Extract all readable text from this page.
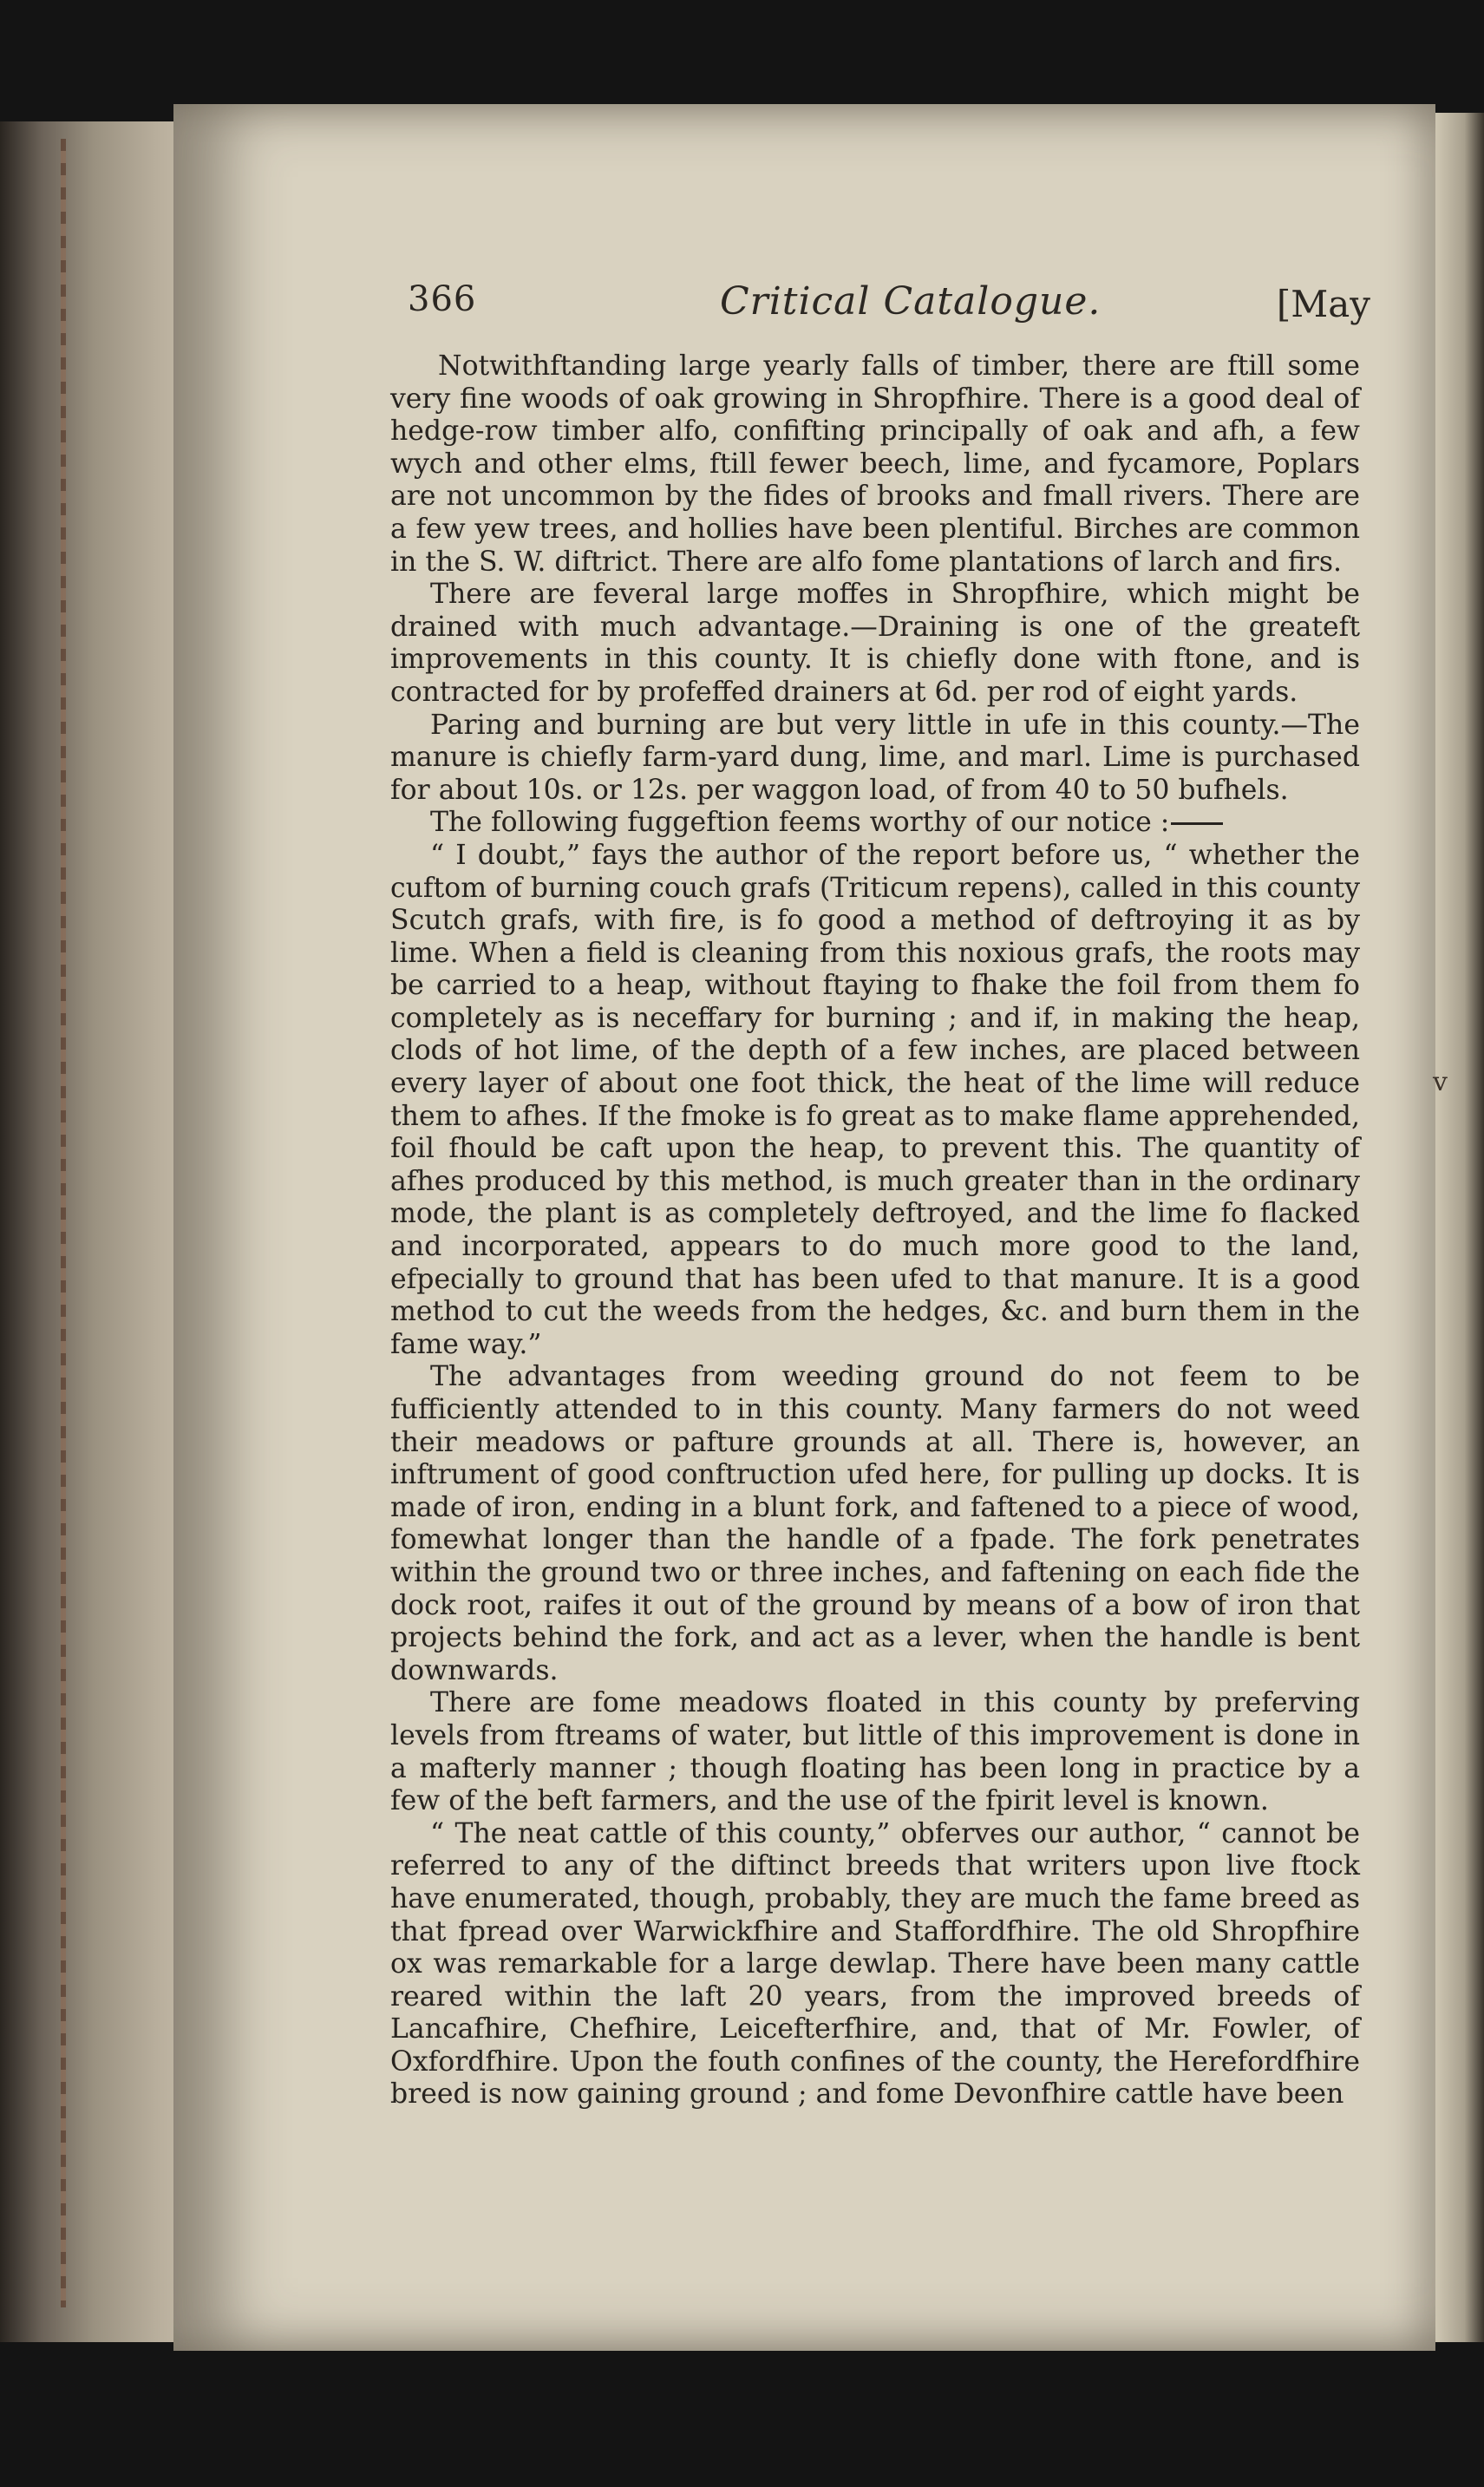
366	Critical Catalogue.	[May

Notwithftanding large yearly falls of timber, there are ftill some very fine woods of oak growing in Shropfhire. There is a good deal of hedge-row timber alfo, confifting principally of oak and afh, a few wych and other elms, ftill fewer beech, lime, and fycamore, Poplars are not uncommon by the fides of brooks and fmall rivers. There are a few yew trees, and hollies have been plentiful. Birches are common in the S. W. diftrict. There are alfo fome plantations of larch and firs.

There are feveral large moffes in Shropfhire, which might be drained with much advantage.—Draining is one of the greateft improvements in this county. It is chiefly done with ftone, and is contracted for by profeffed drainers at 6d. per rod of eight yards.

Paring and burning are but very little in ufe in this county.—The manure is chiefly farm-yard dung, lime, and marl. Lime is purchased for about 10s. or 12s. per waggon load, of from 40 to 50 bufhels.

The following fuggeftion feems worthy of our notice :

“ I doubt,” fays the author of the report before us, “ whether the cuftom of burning couch grafs (Triticum repens), called in this county Scutch grafs, with fire, is fo good a method of deftroying it as by lime. When a field is cleaning from this noxious grafs, the roots may be carried to a heap, without ftaying to fhake the foil from them fo completely as is neceffary for burning ; and if, in making the heap, clods of hot lime, of the depth of a few inches, are placed between every layer of about one foot thick, the heat of the lime will reduce them to afhes. If the fmoke is fo great as to make flame apprehended, foil fhould be caft upon the heap, to prevent this. The quantity of afhes produced by this method, is much greater than in the ordinary mode, the plant is as completely deftroyed, and the lime fo flacked and incorporated, appears to do much more good to the land, efpecially to ground that has been ufed to that manure. It is a good method to cut the weeds from the hedges, &c. and burn them in the fame way.”

The advantages from weeding ground do not feem to be fufficiently attended to in this county. Many farmers do not weed their meadows or pafture grounds at all. There is, however, an inftrument of good conftruction ufed here, for pulling up docks. It is made of iron, ending in a blunt fork, and faftened to a piece of wood, fomewhat longer than the handle of a fpade. The fork penetrates within the ground two or three inches, and faftening on each fide the dock root, raifes it out of the ground by means of a bow of iron that projects behind the fork, and act as a lever, when the handle is bent downwards.

There are fome meadows floated in this county by preferving levels from ftreams of water, but little of this improvement is done in a mafterly manner ; though floating has been long in practice by a few of the beft farmers, and the use of the fpirit level is known.

“ The neat cattle of this county,” obferves our author, “ cannot be referred to any of the diftinct breeds that writers upon live ftock have enumerated, though, probably, they are much the fame breed as that fpread over Warwickfhire and Staffordfhire. The old Shropfhire ox was remarkable for a large dewlap. There have been many cattle reared within the laft 20 years, from the improved breeds of Lancafhire, Chefhire, Leicefterfhire, and, that of Mr. Fowler, of Oxfordfhire. Upon the fouth confines of the county, the Herefordfhire breed is now gaining ground ; and fome Devonfhire cattle have been

v
